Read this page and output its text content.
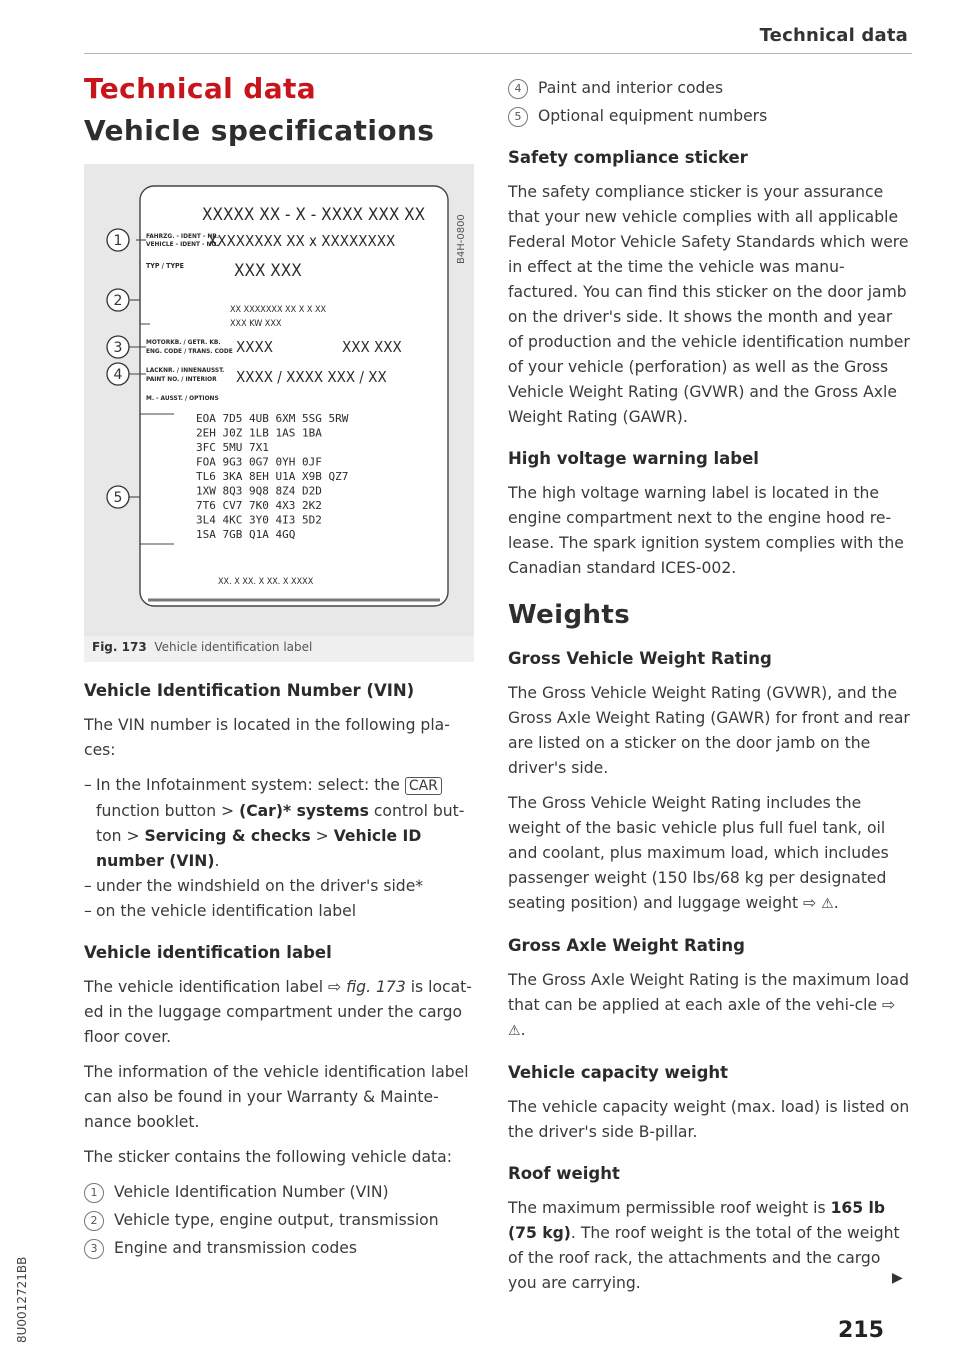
Technical data
Technical data
Vehicle specifications
XXXXX XX - X - XXXX XXX XX
FAHRZG. - IDENT - NR.
VEHICLE - IDENT - NO.
XXXXXXXX XX x XXXXXXXX
TYP / TYPE	XXX XXX
XX XXXXXXX XX X X XX
XXX KW XXX
MOTORKB. / GETR. KB.
ENG. CODE / TRANS. CODE XXXX	XXX XXX
LACKNR. / INNENAUSST.
PAINT NO. / INTERIOR XXXX / XXXX XXX / XX
M. - AUSST. / OPTIONS
EOA 7D5 4UB 6XM 5SG 5RW
2EH J0Z 1LB 1AS 1BA
3FC 5MU 7X1
FOA 9G3 0G7 0YH 0JF
TL6 3KA 8EH U1A X9B QZ7
1XW 8Q3 9Q8 8Z4 D2D
7T6 CV7 7K0 4X3 2K2
3L4 4KC 3Y0 4I3 5D2
1SA 7GB Q1A 4GQ
XX. X XX. X XX. X XXXX
1
2
3
4
5
B4H-0800
Fig. 173 Vehicle identification label
Vehicle Identification Number (VIN)

The VIN number is located in the following pla-ces:

– In the Infotainment system: select: the CAR function button > (Car)* systems control but-ton > Servicing & checks > Vehicle ID number (VIN).
– under the windshield on the driver's side*
– on the vehicle identification label
Vehicle identification label

The vehicle identification label ⇨ fig. 173 is locat-ed in the luggage compartment under the cargo floor cover.

The information of the vehicle identification label can also be found in your Warranty & Mainte-nance booklet.

The sticker contains the following vehicle data:

1	Vehicle Identification Number (VIN)
2	Vehicle type, engine output, transmission
3	Engine and transmission codes
4	Paint and interior codes
5	Optional equipment numbers
Safety compliance sticker

The safety compliance sticker is your assurance that your new vehicle complies with all applicable Federal Motor Vehicle Safety Standards which were in effect at the time the vehicle was manu-factured. You can find this sticker on the door jamb on the driver's side. It shows the month and year of production and the vehicle identification number of your vehicle (perforation) as well as the Gross Vehicle Weight Rating (GVWR) and the Gross Axle Weight Rating (GAWR).

High voltage warning label

The high voltage warning label is located in the engine compartment next to the engine hood re-lease. The spark ignition system complies with the Canadian standard ICES-002.

Weights
Gross Vehicle Weight Rating

The Gross Vehicle Weight Rating (GVWR), and the Gross Axle Weight Rating (GAWR) for front and rear are listed on a sticker on the door jamb on the driver's side.

The Gross Vehicle Weight Rating includes the weight of the basic vehicle plus full fuel tank, oil and coolant, plus maximum load, which includes passenger weight (150 lbs/68 kg per designated seating position) and luggage weight ⇨ ⚠.

Gross Axle Weight Rating

The Gross Axle Weight Rating is the maximum load that can be applied at each axle of the vehi-cle ⇨ ⚠.

Vehicle capacity weight

The vehicle capacity weight (max. load) is listed on the driver's side B-pillar.

Roof weight

The maximum permissible roof weight is 165 lb (75 kg). The roof weight is the total of the weight of the roof rack, the attachments and the cargo you are carrying.	▶
215
8U0012721BB
